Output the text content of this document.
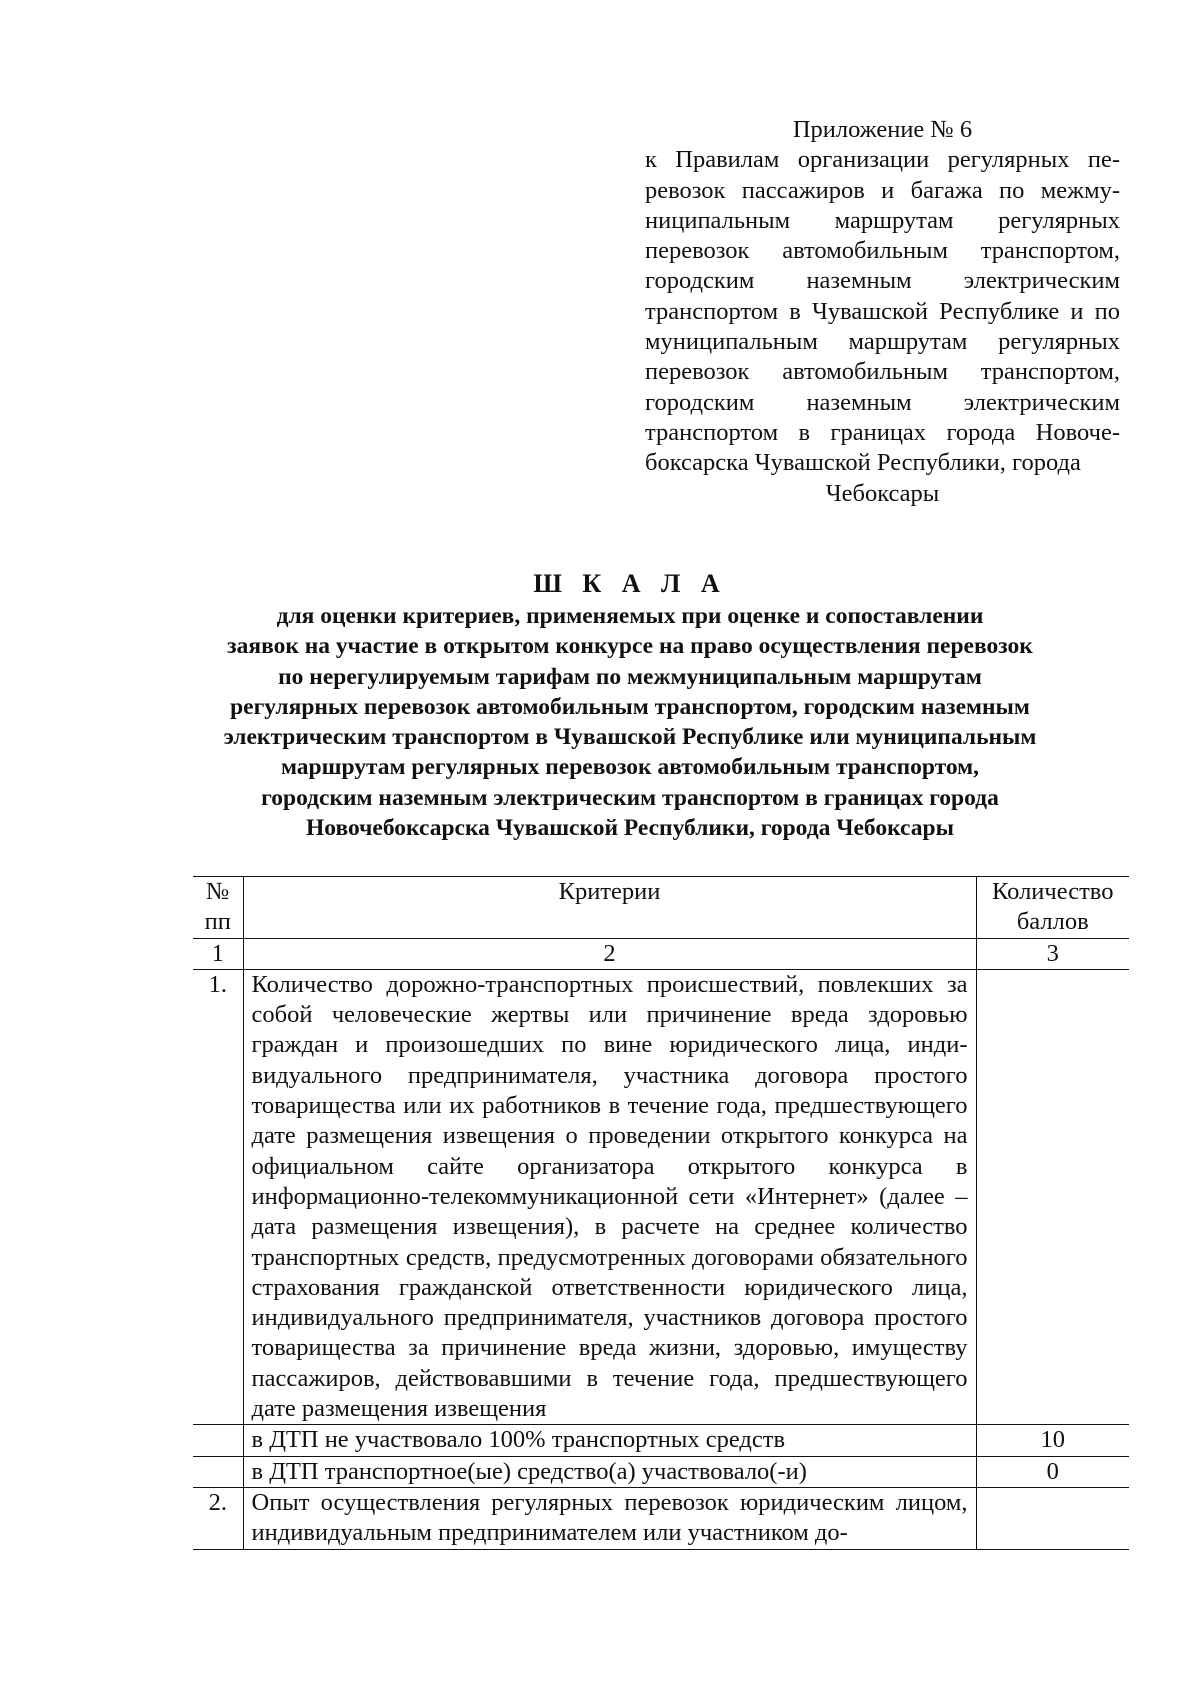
Приложение № 6
к Правилам организации регулярных перевозок пассажиров и багажа по межмуниципальным маршрутам регулярных перевозок автомобильным транспортом, городским наземным электрическим транспортом в Чувашской Республике и по муниципальным маршрутам регулярных перевозок автомобильным транспортом, городским наземным электрическим транспортом в границах города Новочебоксарска Чувашской Республики, города
Чебоксары
Ш К А Л А
для оценки критериев, применяемых при оценке и сопоставлении
заявок на участие в открытом конкурсе на право осуществления перевозок
по нерегулируемым тарифам по межмуниципальным маршрутам
регулярных перевозок автомобильным транспортом, городским наземным
электрическим транспортом в Чувашской Республике или муниципальным
маршрутам регулярных перевозок автомобильным транспортом,
городским наземным электрическим транспортом в границах города
Новочебоксарска Чувашской Республики, города Чебоксары
№ пп	Критерии	Количество баллов
1	2	3
1.	Количество дорожно-транспортных происшествий, повлекших за собой человеческие жертвы или причинение вреда здоровью граждан и произошедших по вине юридического лица, индивидуального предпринимателя, участника договора простого товарищества или их работников в течение года, предшествующего дате размещения извещения о проведении открытого конкурса на официальном сайте организатора открытого конкурса в информационно-телекоммуникационной сети «Интернет» (далее – дата размещения извещения), в расчете на среднее количество транспортных средств, предусмотренных договорами обязательного страхования гражданской ответственности юридического лица, индивидуального предпринимателя, участников договора простого товарищества за причинение вреда жизни, здоровью, имуществу пассажиров, действовавшими в течение года, предшествующего дате размещения извещения	
	в ДТП не участвовало 100% транспортных средств	10
	в ДТП транспортное(ые) средство(а) участвовало(-и)	0
2.	Опыт осуществления регулярных перевозок юридическим лицом, индивидуальным предпринимателем или участником до-	
